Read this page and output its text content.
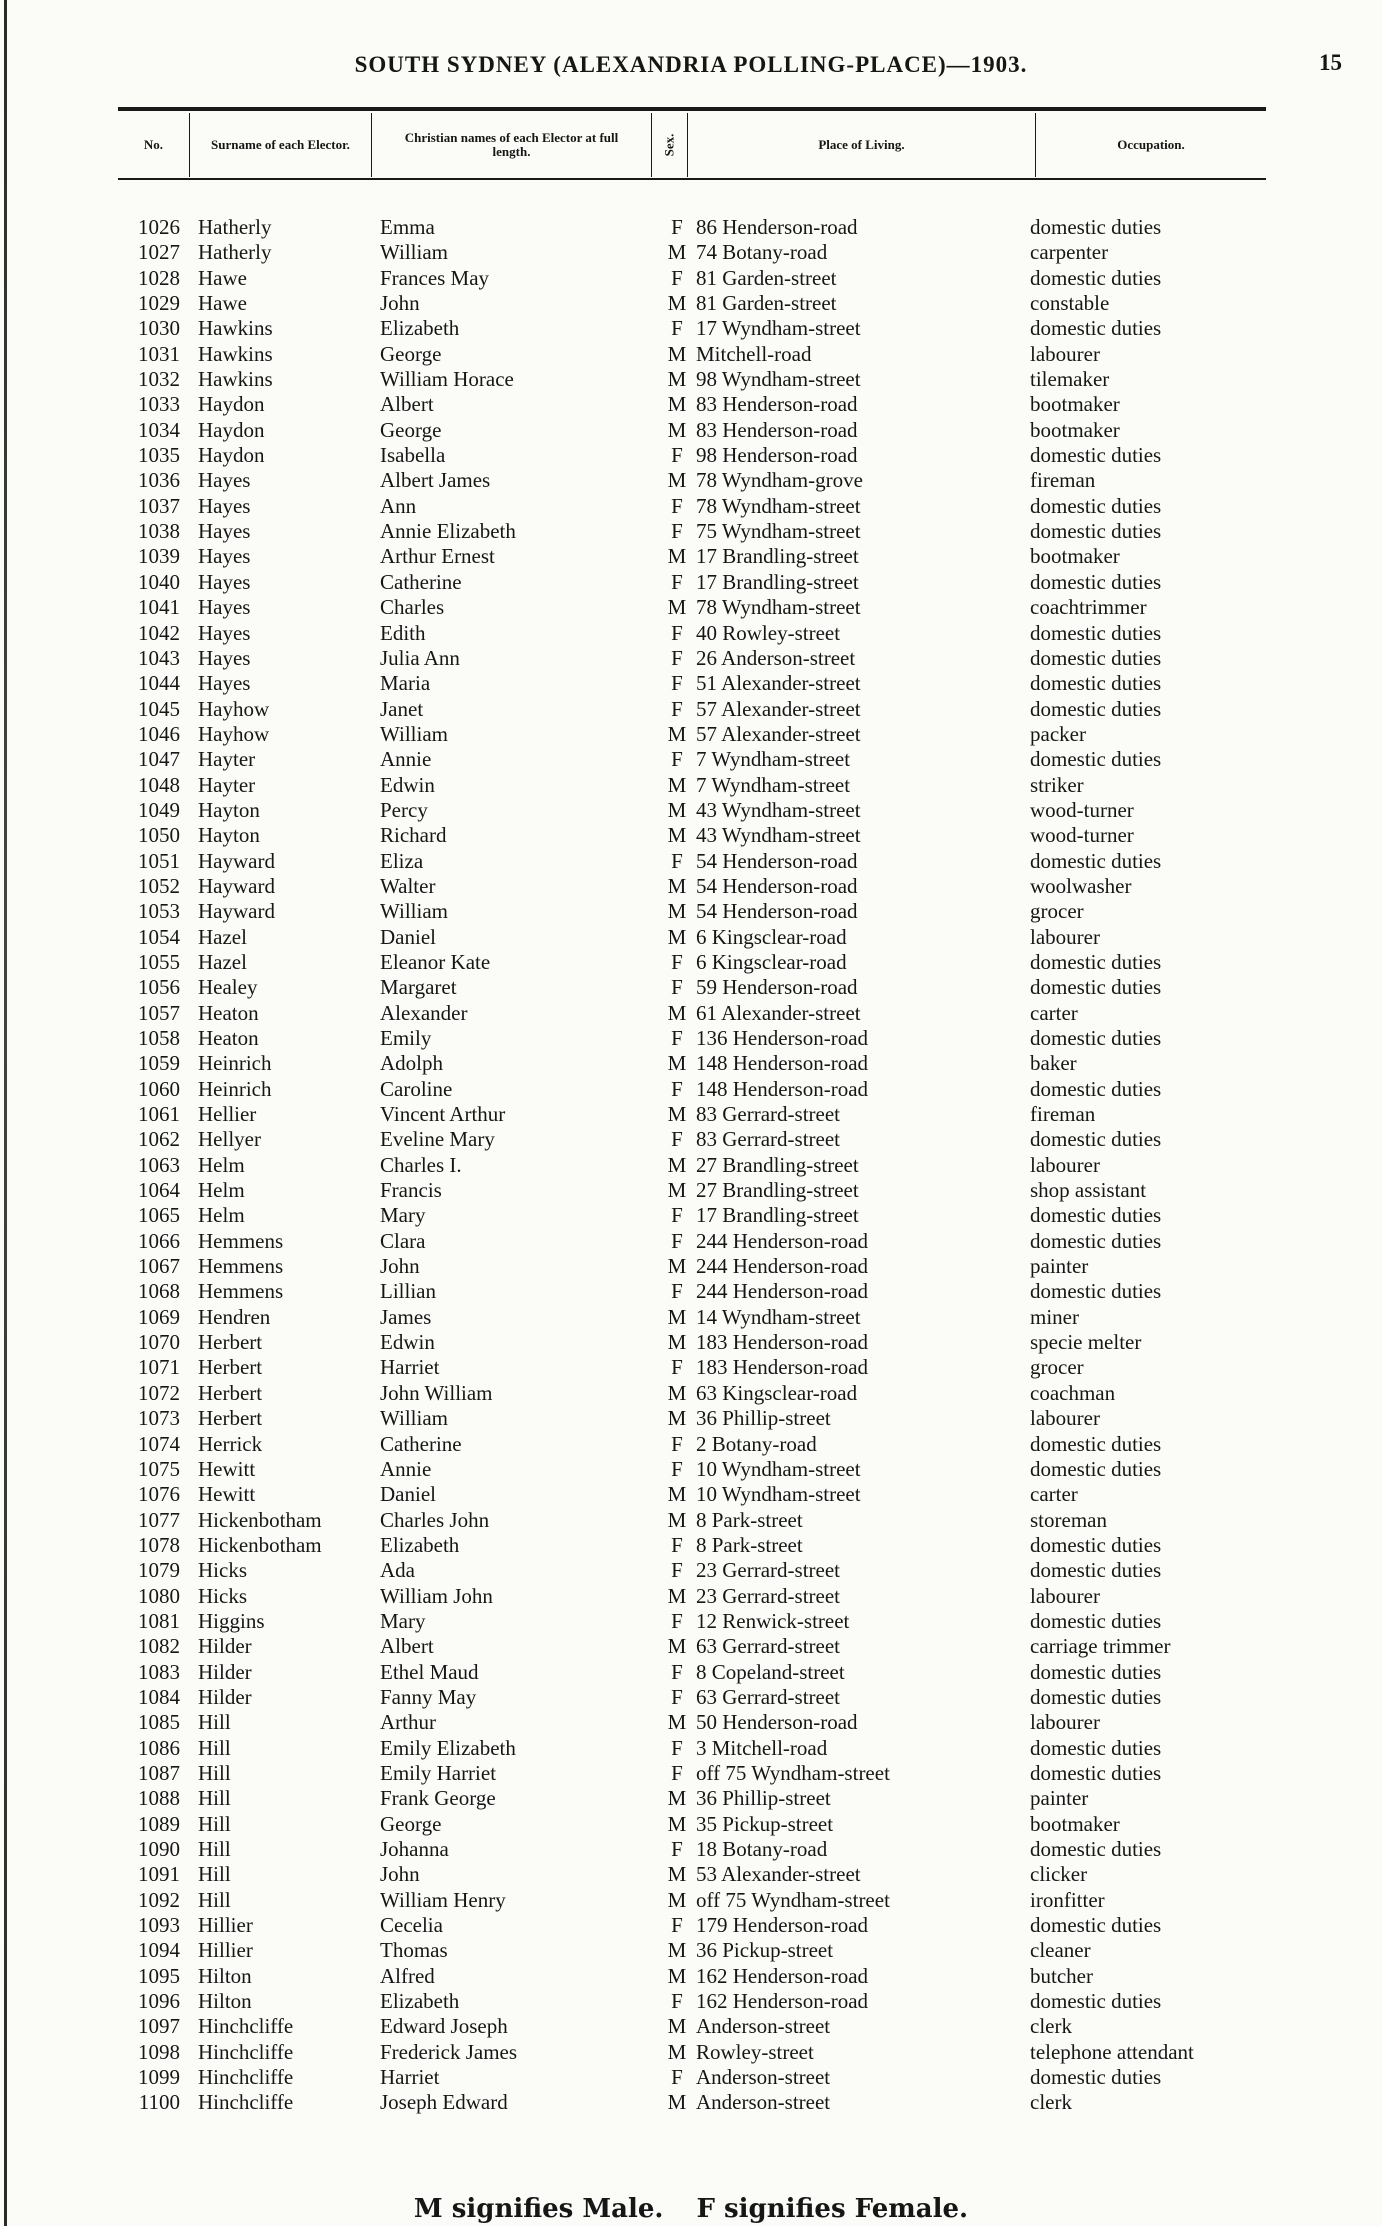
SOUTH SYDNEY (ALEXANDRIA POLLING-PLACE)—1903.	15
No.	Surname of each Elector.	Christian names of each Elector at full length.	Sex.	Place of Living.	Occupation.
1026 Hatherly	Emma	F 86 Henderson-road	domestic duties
1027 Hatherly	William	M 74 Botany-road	carpenter
1028 Hawe	Frances May	F 81 Garden-street	domestic duties
1029 Hawe	John	M 81 Garden-street	constable
1030 Hawkins	Elizabeth	F 17 Wyndham-street	domestic duties
1031 Hawkins	George	M Mitchell-road	labourer
1032 Hawkins	William Horace	M 98 Wyndham-street	tilemaker
1033 Haydon	Albert	M 83 Henderson-road	bootmaker
1034 Haydon	George	M 83 Henderson-road	bootmaker
1035 Haydon	Isabella	F 98 Henderson-road	domestic duties
1036 Hayes	Albert James	M 78 Wyndham-grove	fireman
1037 Hayes	Ann	F 78 Wyndham-street	domestic duties
1038 Hayes	Annie Elizabeth	F 75 Wyndham-street	domestic duties
1039 Hayes	Arthur Ernest	M 17 Brandling-street	bootmaker
1040 Hayes	Catherine	F 17 Brandling-street	domestic duties
1041 Hayes	Charles	M 78 Wyndham-street	coachtrimmer
1042 Hayes	Edith	F 40 Rowley-street	domestic duties
1043 Hayes	Julia Ann	F 26 Anderson-street	domestic duties
1044 Hayes	Maria	F 51 Alexander-street	domestic duties
1045 Hayhow	Janet	F 57 Alexander-street	domestic duties
1046 Hayhow	William	M 57 Alexander-street	packer
1047 Hayter	Annie	F 7 Wyndham-street	domestic duties
1048 Hayter	Edwin	M 7 Wyndham-street	striker
1049 Hayton	Percy	M 43 Wyndham-street	wood-turner
1050 Hayton	Richard	M 43 Wyndham-street	wood-turner
1051 Hayward	Eliza	F 54 Henderson-road	domestic duties
1052 Hayward	Walter	M 54 Henderson-road	woolwasher
1053 Hayward	William	M 54 Henderson-road	grocer
1054 Hazel	Daniel	M 6 Kingsclear-road	labourer
1055 Hazel	Eleanor Kate	F 6 Kingsclear-road	domestic duties
1056 Healey	Margaret	F 59 Henderson-road	domestic duties
1057 Heaton	Alexander	M 61 Alexander-street	carter
1058 Heaton	Emily	F 136 Henderson-road	domestic duties
1059 Heinrich	Adolph	M 148 Henderson-road	baker
1060 Heinrich	Caroline	F 148 Henderson-road	domestic duties
1061 Hellier	Vincent Arthur	M 83 Gerrard-street	fireman
1062 Hellyer	Eveline Mary	F 83 Gerrard-street	domestic duties
1063 Helm	Charles I.	M 27 Brandling-street	labourer
1064 Helm	Francis	M 27 Brandling-street	shop assistant
1065 Helm	Mary	F 17 Brandling-street	domestic duties
1066 Hemmens	Clara	F 244 Henderson-road	domestic duties
1067 Hemmens	John	M 244 Henderson-road	painter
1068 Hemmens	Lillian	F 244 Henderson-road	domestic duties
1069 Hendren	James	M 14 Wyndham-street	miner
1070 Herbert	Edwin	M 183 Henderson-road	specie melter
1071 Herbert	Harriet	F 183 Henderson-road	grocer
1072 Herbert	John William	M 63 Kingsclear-road	coachman
1073 Herbert	William	M 36 Phillip-street	labourer
1074 Herrick	Catherine	F 2 Botany-road	domestic duties
1075 Hewitt	Annie	F 10 Wyndham-street	domestic duties
1076 Hewitt	Daniel	M 10 Wyndham-street	carter
1077 Hickenbotham	Charles John	M 8 Park-street	storeman
1078 Hickenbotham	Elizabeth	F 8 Park-street	domestic duties
1079 Hicks	Ada	F 23 Gerrard-street	domestic duties
1080 Hicks	William John	M 23 Gerrard-street	labourer
1081 Higgins	Mary	F 12 Renwick-street	domestic duties
1082 Hilder	Albert	M 63 Gerrard-street	carriage trimmer
1083 Hilder	Ethel Maud	F 8 Copeland-street	domestic duties
1084 Hilder	Fanny May	F 63 Gerrard-street	domestic duties
1085 Hill	Arthur	M 50 Henderson-road	labourer
1086 Hill	Emily Elizabeth	F 3 Mitchell-road	domestic duties
1087 Hill	Emily Harriet	F off 75 Wyndham-street	domestic duties
1088 Hill	Frank George	M 36 Phillip-street	painter
1089 Hill	George	M 35 Pickup-street	bootmaker
1090 Hill	Johanna	F 18 Botany-road	domestic duties
1091 Hill	John	M 53 Alexander-street	clicker
1092 Hill	William Henry	M off 75 Wyndham-street	ironfitter
1093 Hillier	Cecelia	F 179 Henderson-road	domestic duties
1094 Hillier	Thomas	M 36 Pickup-street	cleaner
1095 Hilton	Alfred	M 162 Henderson-road	butcher
1096 Hilton	Elizabeth	F 162 Henderson-road	domestic duties
1097 Hinchcliffe	Edward Joseph	M Anderson-street	clerk
1098 Hinchcliffe	Frederick James	M Rowley-street	telephone attendant
1099 Hinchcliffe	Harriet	F Anderson-street	domestic duties
1100 Hinchcliffe	Joseph Edward	M Anderson-street	clerk
M signifies Male. F signifies Female.
